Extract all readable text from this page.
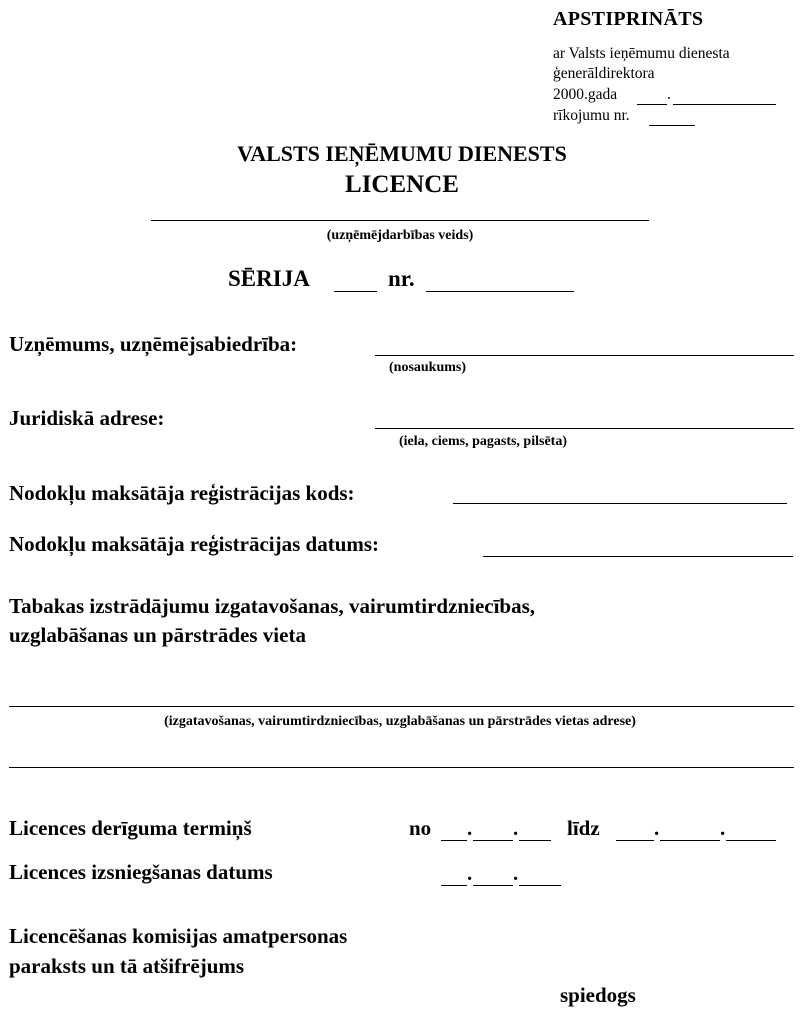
APSTIPRINĀTS
ar Valsts ieņēmumu dienesta
ģenerāldirektora
2000.gada	.
rīkojumu nr.
VALSTS IEŅĒMUMU DIENESTS
LICENCE
(uzņēmējdarbības veids)
SĒRIJA	nr.
Uzņēmums, uzņēmējsabiedrība:
(nosaukums)
Juridiskā adrese:
(iela, ciems, pagasts, pilsēta)
Nodokļu maksātāja reģistrācijas kods:
Nodokļu maksātāja reģistrācijas datums:
Tabakas izstrādājumu izgatavošanas, vairumtirdzniecības,
uzglabāšanas un pārstrādes vieta
(izgatavošanas, vairumtirdzniecības, uzglabāšanas un pārstrādes vietas adrese)
Licences derīguma termiņš	no . . līdz	.	.
Licences izsniegšanas datums	. .
Licencēšanas komisijas amatpersonas
paraksts un tā atšifrējums
spiedogs
